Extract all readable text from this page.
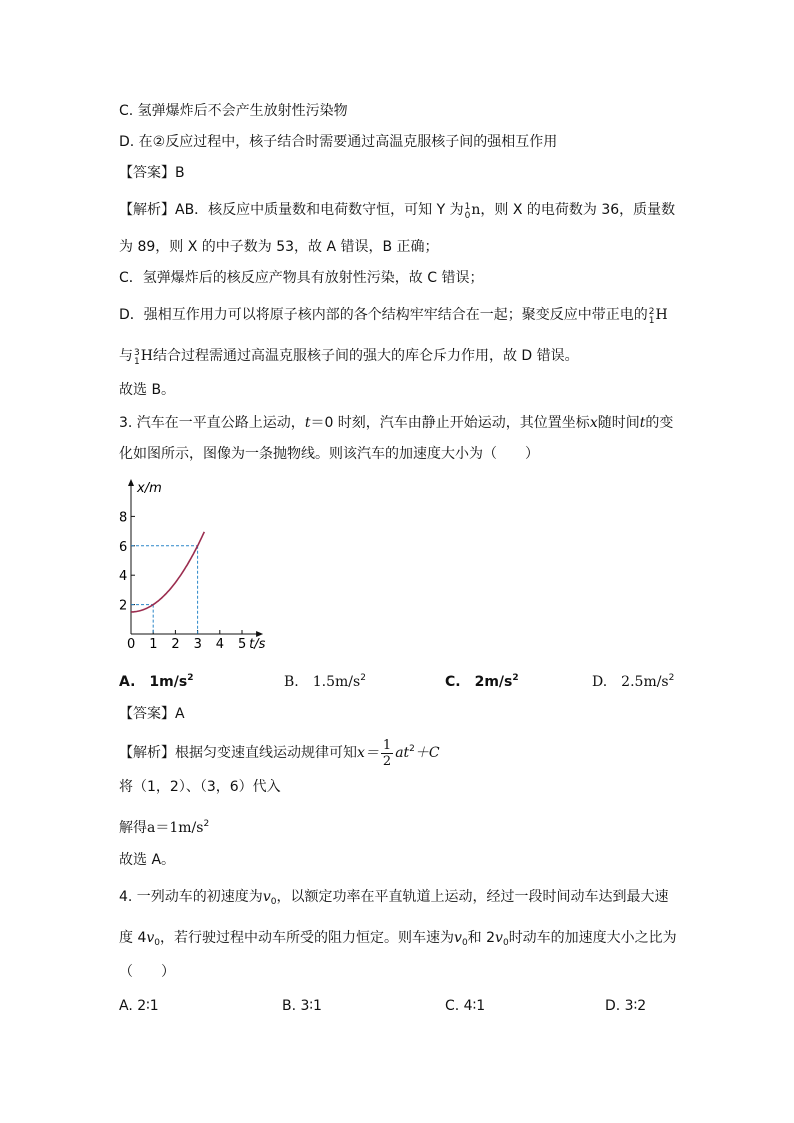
C. 氢弹爆炸后不会产生放射性污染物
D. 在②反应过程中，核子结合时需要通过高温克服核子间的强相互作用
【答案】B
【解析】AB．核反应中质量数和电荷数守恒，可知 Y 为 1
0 n，则 X 的电荷数为 36，质量数
为 89，则 X 的中子数为 53，故 A 错误，B 正确；
C．氢弹爆炸后的核反应产物具有放射性污染，故 C 错误；
D．强相互作用力可以将原子核内部的各个结构牢牢结合在一起；聚变反应中带正电的 2
1 H
与 3
1 H结合过程需通过高温克服核子间的强大的库仑斥力作用，故 D 错误。
故选 B。
3. 汽车在一平直公路上运动，t＝0 时刻，汽车由静止开始运动，其位置坐标x随时间t的变
化如图所示，图像为一条抛物线。则该汽车的加速度大小为（　　）
x/m
t/s
0 1 2 3 4 5
2
4
6
8
A.　$1m/s^2$	B.　$1.5m/s^2$	C.　$2m/s^2$	D.　$2.5m/s^2$
【答案】A
【解析】根据匀变速直线运动规律可知$x= \frac{1}{2} at^2+C$
将（1，2）、（3，6）代入
解得$a=1m/s^2$
故选 A。
4. 一列动车的初速度为$v_0$，以额定功率在平直轨道上运动，经过一段时间动车达到最大速
度 $4v_0$，若行驶过程中动车所受的阻力恒定。则车速为$v_0$和 $2v_0$时动车的加速度大小之比为
（　　）
A. 2∶1	B. 3∶1	C. 4∶1	D. 3∶2
